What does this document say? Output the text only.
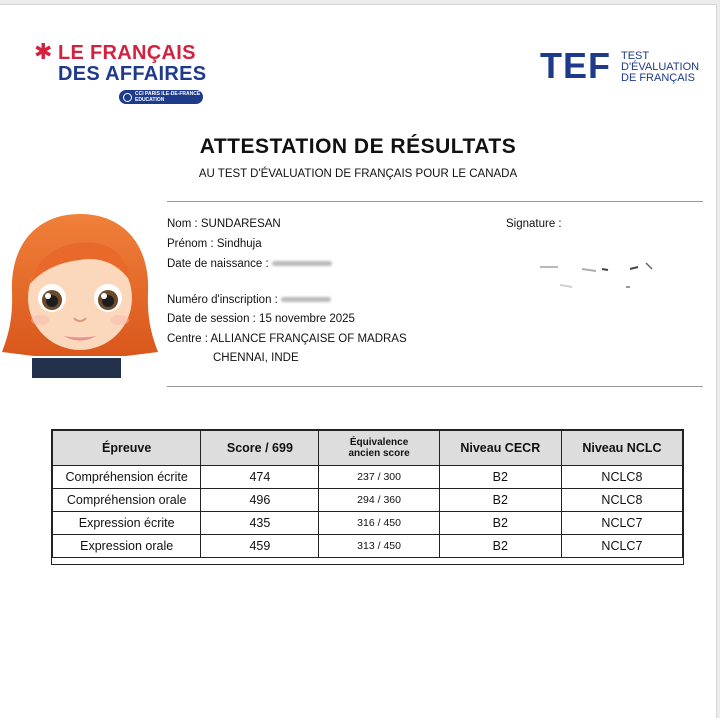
✱ LE FRANÇAIS
DES AFFAIRES
CCI PARIS ILE-DE-FRANCE
EDUCATION
TEF TEST
D'ÉVALUATION
DE FRANÇAIS
ATTESTATION DE RÉSULTATS
AU TEST D'ÉVALUATION DE FRANÇAIS POUR LE CANADA
Nom : SUNDARESAN
Prénom : Sindhuja
Date de naissance :
Numéro d'inscription :
Date de session : 15 novembre 2025
Centre : ALLIANCE FRANÇAISE OF MADRAS
CHENNAI, INDE
Signature :
Épreuve	Score / 699	Équivalence
ancien score	Niveau CECR	Niveau NCLC
Compréhension écrite	474	237 / 300	B2	NCLC8
Compréhension orale	496	294 / 360	B2	NCLC8
Expression écrite	435	316 / 450	B2	NCLC7
Expression orale	459	313 / 450	B2	NCLC7
